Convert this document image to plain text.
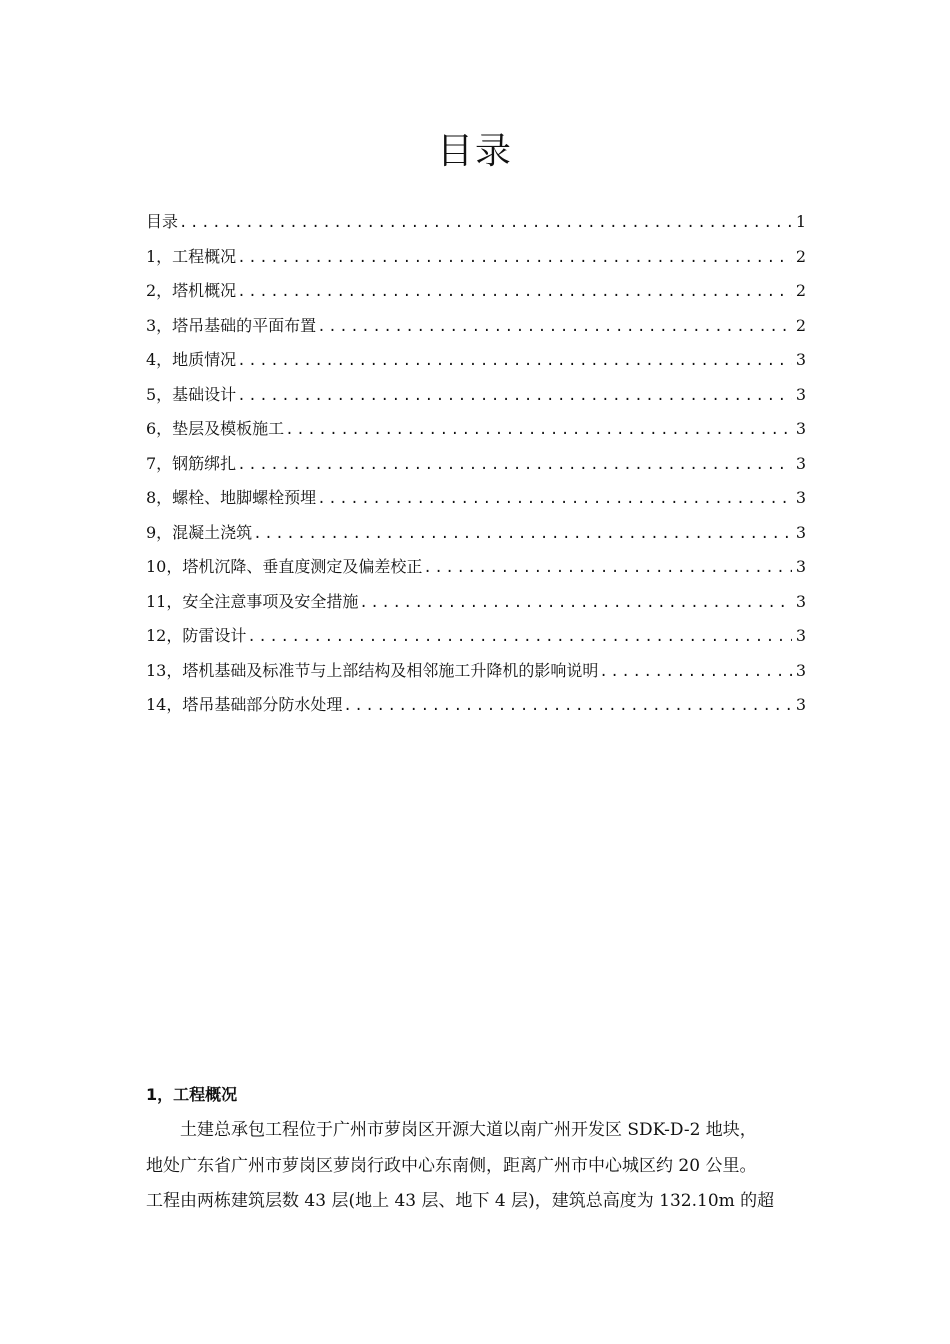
目录
目录 .....	1
1，工程概况 .....	2
2，塔机概况 .....	2
3，塔吊基础的平面布置 .....	2
4，地质情况 .....	3
5，基础设计 .....	3
6，垫层及模板施工 .....	3
7，钢筋绑扎 .....	3
8，螺栓、地脚螺栓预埋 .....	3
9，混凝土浇筑 .....	3
10，塔机沉降、垂直度测定及偏差校正 .....	3
11，安全注意事项及安全措施 .....	3
12，防雷设计 .....	3
13，塔机基础及标准节与上部结构及相邻施工升降机的影响说明 .....	3
14，塔吊基础部分防水处理 .....	3
1，工程概况

土建总承包工程位于广州市萝岗区开源大道以南广州开发区 SDK-D-2 地块，
地处广东省广州市萝岗区萝岗行政中心东南侧，距离广州市中心城区约 20 公里。
工程由两栋建筑层数 43 层(地上 43 层、地下 4 层)，建筑总高度为 132.10m 的超
